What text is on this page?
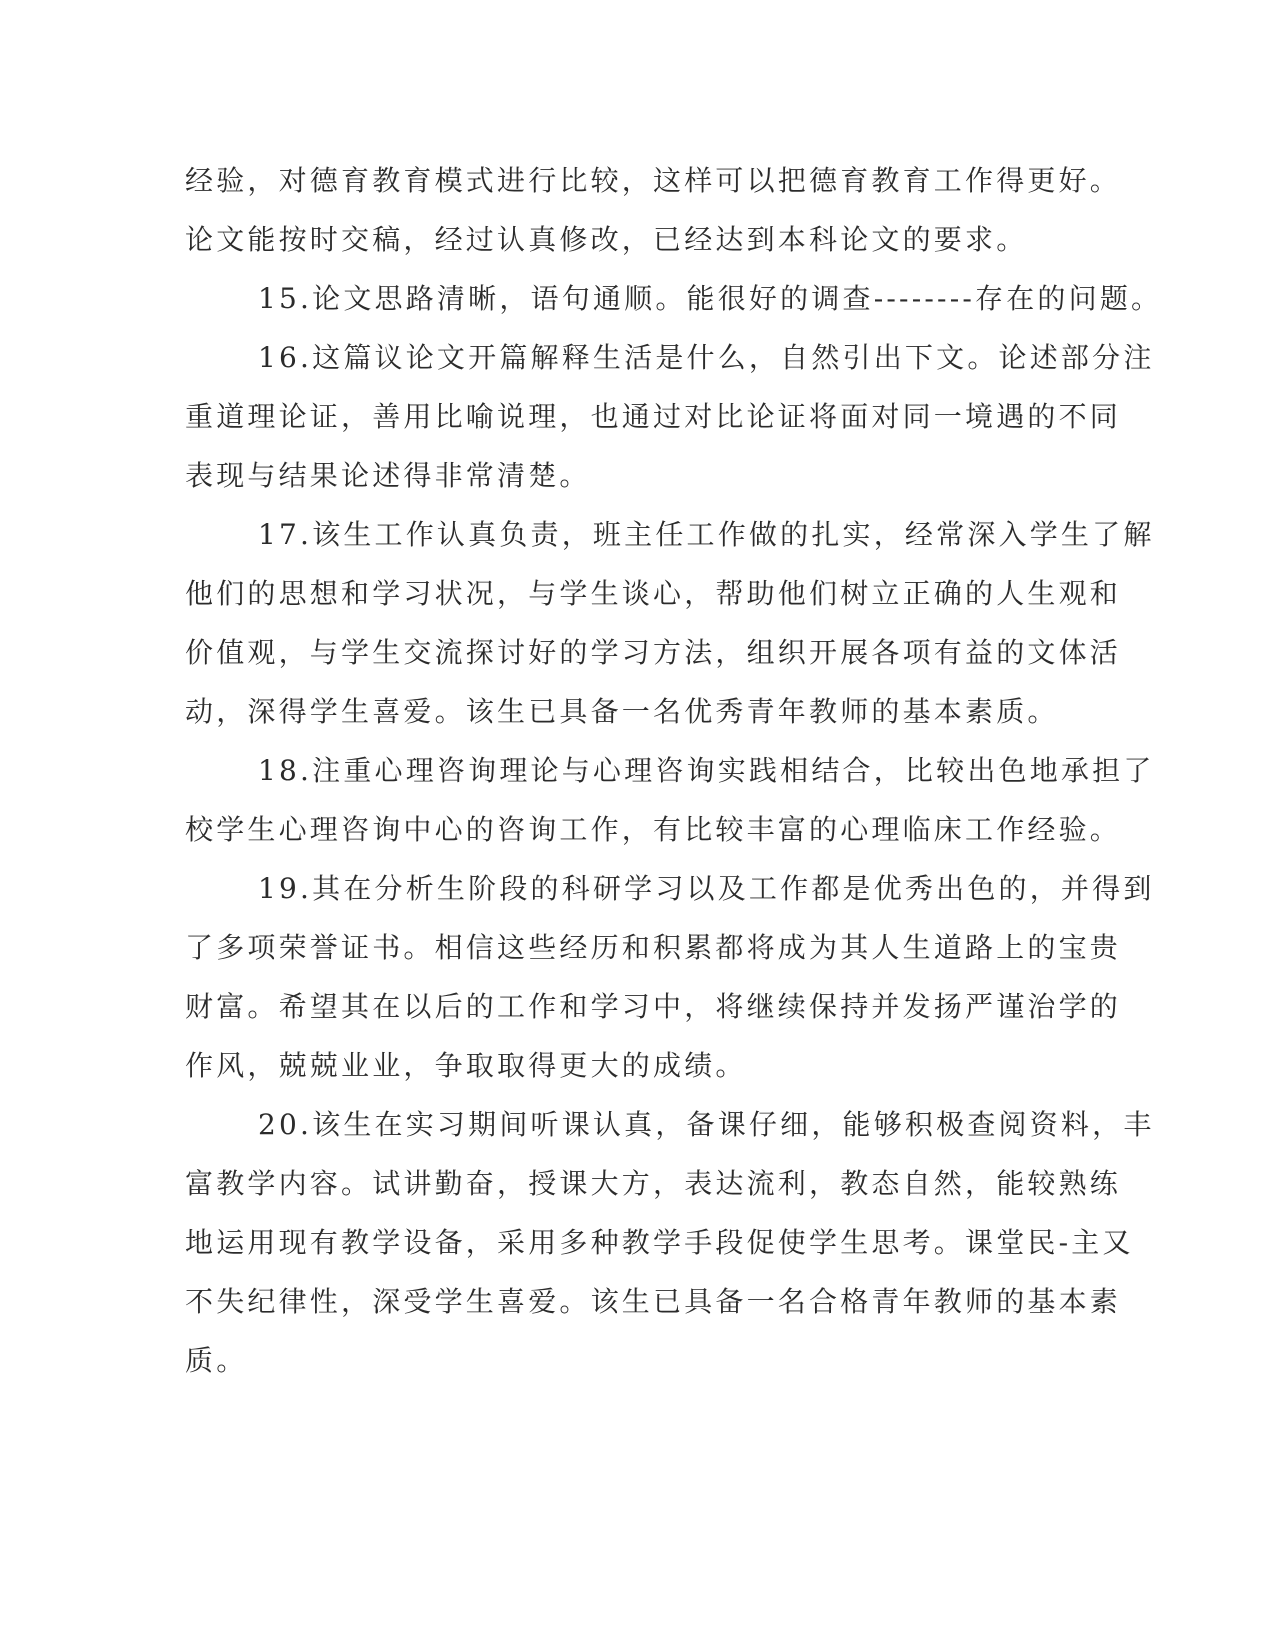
经验，对德育教育模式进行比较，这样可以把德育教育工作得更好。
论文能按时交稿，经过认真修改，已经达到本科论文的要求。
15.论文思路清晰，语句通顺。能很好的调查--------存在的问题。
16.这篇议论文开篇解释生活是什么，自然引出下文。论述部分注
重道理论证，善用比喻说理，也通过对比论证将面对同一境遇的不同
表现与结果论述得非常清楚。
17.该生工作认真负责，班主任工作做的扎实，经常深入学生了解
他们的思想和学习状况，与学生谈心，帮助他们树立正确的人生观和
价值观，与学生交流探讨好的学习方法，组织开展各项有益的文体活
动，深得学生喜爱。该生已具备一名优秀青年教师的基本素质。
18.注重心理咨询理论与心理咨询实践相结合，比较出色地承担了
校学生心理咨询中心的咨询工作，有比较丰富的心理临床工作经验。
19.其在分析生阶段的科研学习以及工作都是优秀出色的，并得到
了多项荣誉证书。相信这些经历和积累都将成为其人生道路上的宝贵
财富。希望其在以后的工作和学习中，将继续保持并发扬严谨治学的
作风，兢兢业业，争取取得更大的成绩。
20.该生在实习期间听课认真，备课仔细，能够积极查阅资料，丰
富教学内容。试讲勤奋，授课大方，表达流利，教态自然，能较熟练
地运用现有教学设备，采用多种教学手段促使学生思考。课堂民-主又
不失纪律性，深受学生喜爱。该生已具备一名合格青年教师的基本素
质。
